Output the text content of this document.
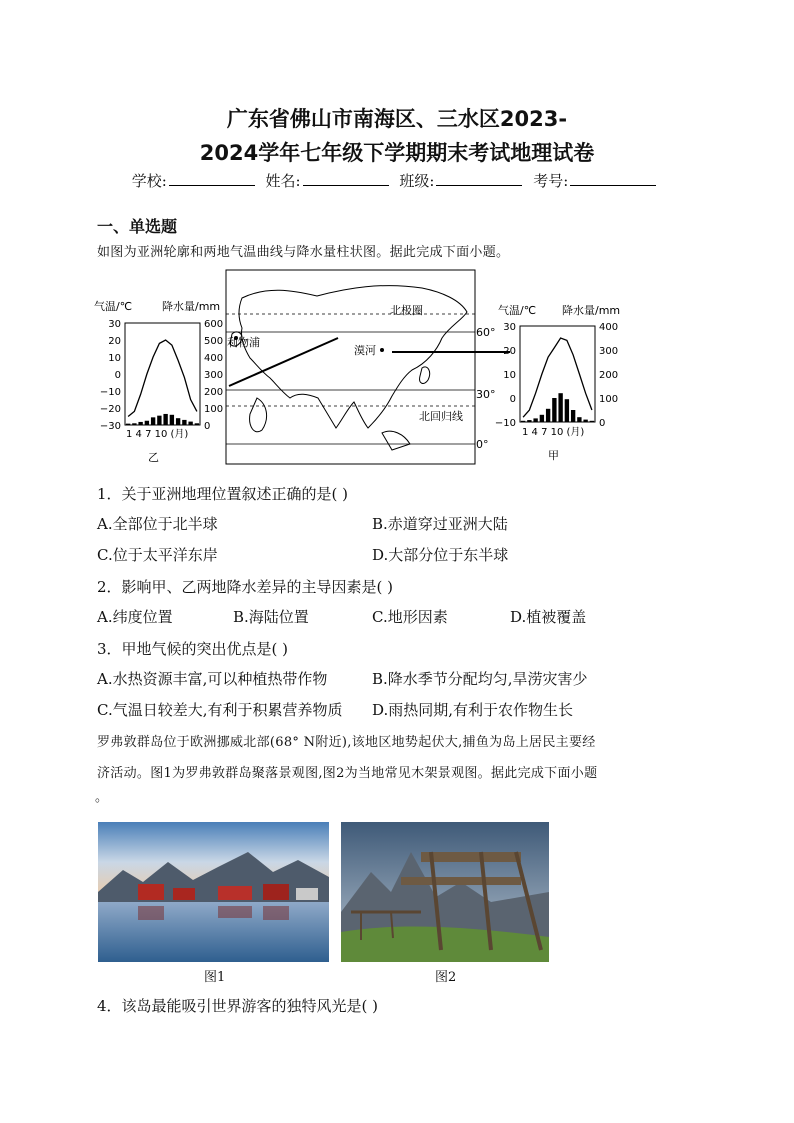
广东省佛山市南海区、三水区2023-
2024学年七年级下学期期末考试地理试卷
学校:	姓名:	班级:	考号:
一、单选题
如图为亚洲轮廓和两地气温曲线与降水量柱状图。据此完成下面小题。
气温/℃	降水量/mm
30
20
10
0
−10
−20
−30
600
500
400
300
200
100
0
1 4 7 10 (月)
乙
北极圈
北回归线
漠河
利物浦
60°
30°
0°
气温/℃ 降水量/mm
30
20
10
0
−10
400
300
200
100
0
1 4 7 10 (月)
甲
1．关于亚洲地理位置叙述正确的是( )
A.全部位于北半球	B.赤道穿过亚洲大陆
C.位于太平洋东岸	D.大部分位于东半球
2．影响甲、乙两地降水差异的主导因素是( )
A.纬度位置	B.海陆位置	C.地形因素	D.植被覆盖
3．甲地气候的突出优点是( )
A.水热资源丰富,可以种植热带作物	B.降水季节分配均匀,旱涝灾害少
C.气温日较差大,有利于积累营养物质 D.雨热同期,有利于农作物生长
罗弗敦群岛位于欧洲挪威北部(68° N附近),该地区地势起伏大,捕鱼为岛上居民主要经
济活动。图1为罗弗敦群岛聚落景观图,图2为当地常见木架景观图。据此完成下面小题
。
图1	图2
4．该岛最能吸引世界游客的独特风光是( )
